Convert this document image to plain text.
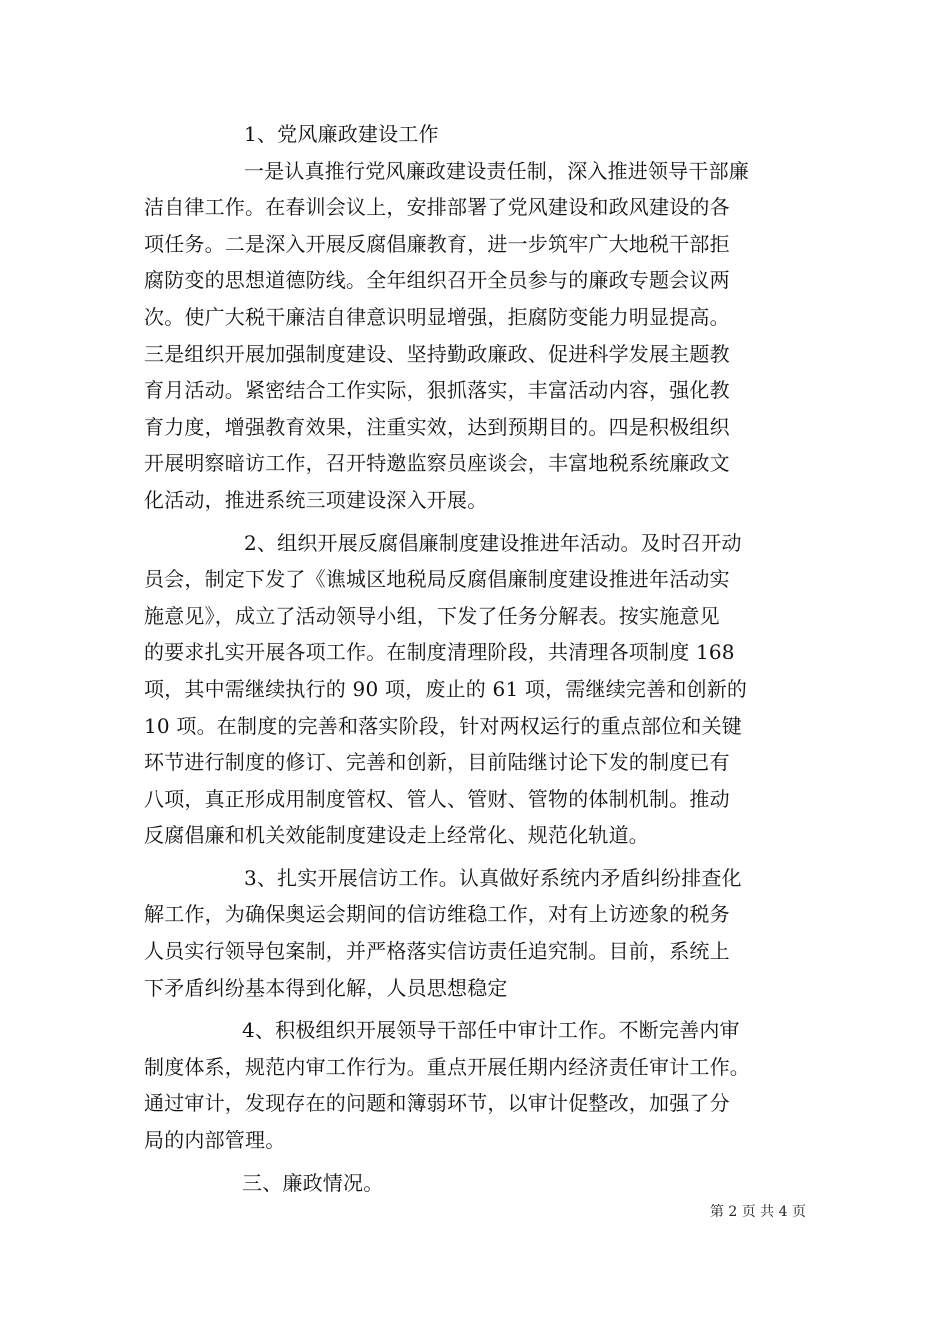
1、党风廉政建设工作
一是认真推行党风廉政建设责任制，深入推进领导干部廉
洁自律工作。在春训会议上，安排部署了党风建设和政风建设的各
项任务。二是深入开展反腐倡廉教育，进一步筑牢广大地税干部拒
腐防变的思想道德防线。全年组织召开全员参与的廉政专题会议两
次。使广大税干廉洁自律意识明显增强，拒腐防变能力明显提高。
三是组织开展加强制度建设、坚持勤政廉政、促进科学发展主题教
育月活动。紧密结合工作实际，狠抓落实，丰富活动内容，强化教
育力度，增强教育效果，注重实效，达到预期目的。四是积极组织
开展明察暗访工作，召开特邀监察员座谈会，丰富地税系统廉政文
化活动，推进系统三项建设深入开展。
2、组织开展反腐倡廉制度建设推进年活动。及时召开动
员会，制定下发了《谯城区地税局反腐倡廉制度建设推进年活动实
施意见》，成立了活动领导小组，下发了任务分解表。按实施意见
的要求扎实开展各项工作。在制度清理阶段，共清理各项制度 168
项，其中需继续执行的 90 项，废止的 61 项，需继续完善和创新的
10 项。在制度的完善和落实阶段，针对两权运行的重点部位和关键
环节进行制度的修订、完善和创新，目前陆继讨论下发的制度已有
八项，真正形成用制度管权、管人、管财、管物的体制机制。推动
反腐倡廉和机关效能制度建设走上经常化、规范化轨道。
3、扎实开展信访工作。认真做好系统内矛盾纠纷排查化
解工作，为确保奥运会期间的信访维稳工作，对有上访迹象的税务
人员实行领导包案制，并严格落实信访责任追究制。目前，系统上
下矛盾纠纷基本得到化解，人员思想稳定
4、积极组织开展领导干部任中审计工作。不断完善内审
制度体系，规范内审工作行为。重点开展任期内经济责任审计工作。
通过审计，发现存在的问题和簿弱环节，以审计促整改，加强了分
局的内部管理。
三、廉政情况。
第 2 页 共 4 页
